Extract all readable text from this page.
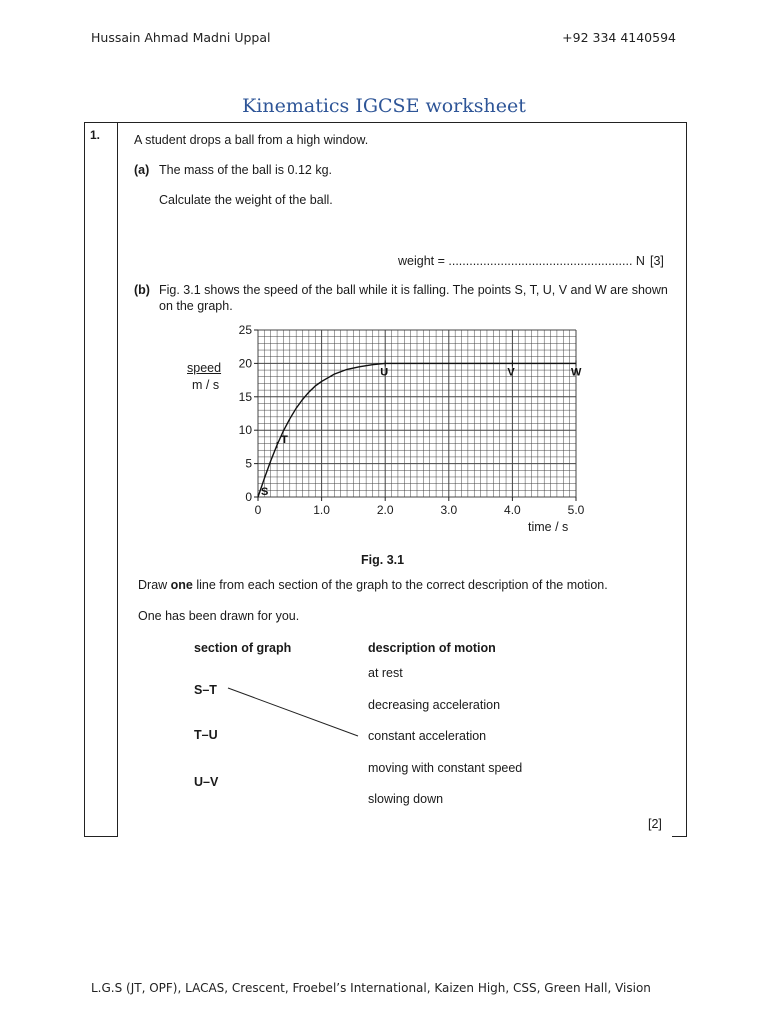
Hussain Ahmad Madni Uppal	+92 334 4140594
Kinematics IGCSE worksheet
1.	A student drops a ball from a high window.
(a) The mass of the ball is 0.12 kg.
Calculate the weight of the ball.
weight = ..................................................... N [3]
(b) Fig. 3.1 shows the speed of the ball while it is falling. The points S, T, U, V and W are shown
on the graph.
0	1.0	2.0	3.0	4.0	5.0
0
5
10
15
20
25
S
T
U	V	W
speed
m / s
time / s
Fig. 3.1
Draw one line from each section of the graph to the correct description of the motion.
One has been drawn for you.
section of graph	description of motion
S–T
T–U
U–V
at rest
decreasing acceleration
constant acceleration
moving with constant speed
slowing down
[2]
L.G.S (JT, OPF), LACAS, Crescent, Froebel’s International, Kaizen High, CSS, Green Hall, Vision
